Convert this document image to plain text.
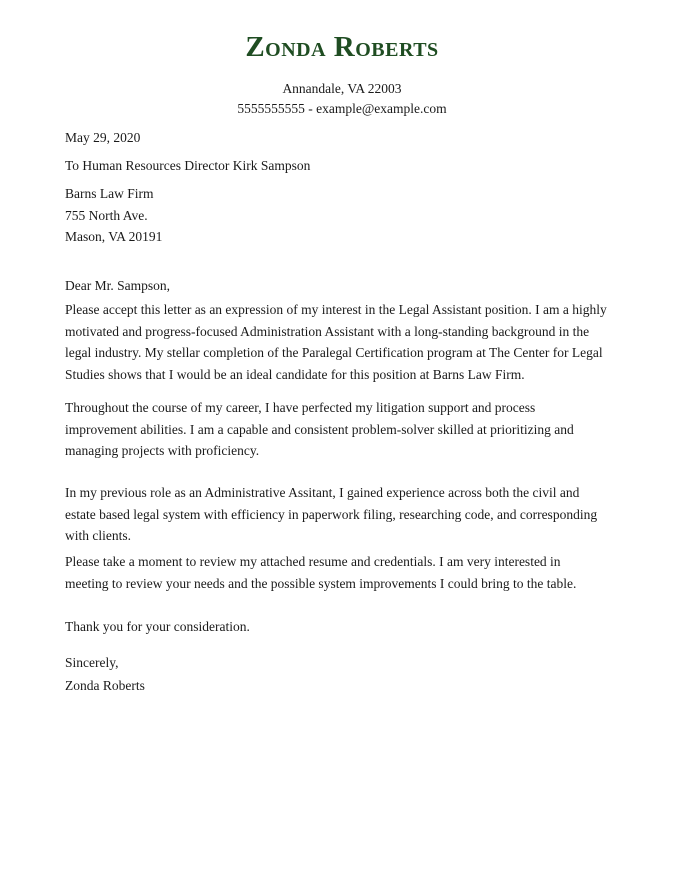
Zonda Roberts
Annandale, VA 22003
5555555555 - example@example.com
May 29, 2020
To Human Resources Director Kirk Sampson
Barns Law Firm
755 North Ave.
Mason, VA 20191
Dear Mr. Sampson,
Please accept this letter as an expression of my interest in the Legal Assistant position. I am a highly
motivated and progress-focused Administration Assistant with a long-standing background in the
legal industry. My stellar completion of the Paralegal Certification program at The Center for Legal
Studies shows that I would be an ideal candidate for this position at Barns Law Firm.
Throughout the course of my career, I have perfected my litigation support and process
improvement abilities. I am a capable and consistent problem-solver skilled at prioritizing and
managing projects with proficiency.
In my previous role as an Administrative Assitant, I gained experience across both the civil and
estate based legal system with efficiency in paperwork filing, researching code, and corresponding
with clients.
Please take a moment to review my attached resume and credentials. I am very interested in
meeting to review your needs and the possible system improvements I could bring to the table.
Thank you for your consideration.
Sincerely,
Zonda Roberts
